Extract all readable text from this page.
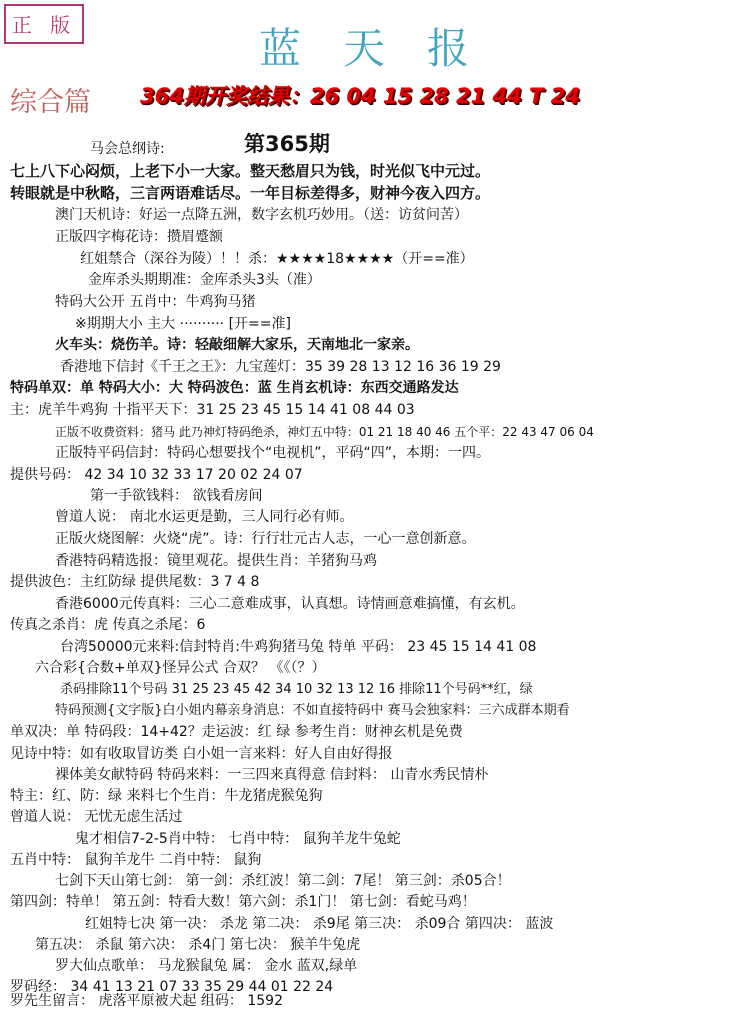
正 版	蓝天报
综合篇 364期开奖结果：26 04 15 28 21 44 T 24
第365期
马会总纲诗:
七上八下心闷烦，上老下小一大家。整天愁眉只为钱，时光似飞中元过。
转眼就是中秋略，三言两语难话尽。一年目标差得多，财神今夜入四方。
澳门天机诗：好运一点降五洲，数字玄机巧妙用。（送：访贫问苦）
正版四字梅花诗：攒眉蹙额
红姐禁合（深谷为陵）！！杀：★★★★18★★★★（开==准）
金库杀头期期准：金库杀头3头（准）
特码大公开 五肖中：牛鸡狗马猪
※期期大小 主大 ·········· [开==准]
火车头：烧伤羊。诗：轻敲细解大家乐，天南地北一家亲。
香港地下信封《千王之王》：九宝莲灯：35 39 28 13 12 16 36 19 29
特码单双：单 特码大小：大 特码波色：蓝 生肖玄机诗：东西交通路发达
主：虎羊牛鸡狗 十指平天下：31 25 23 45 15 14 41 08 44 03
正版不收费资料：猪马 此乃神灯特码绝杀，神灯五中特：01 21 18 40 46 五个平：22 43 47 06 04
正版特平码信封：特码心想要找个“电视机”，平码“四”，本期：一四。
提供号码： 42 34 10 32 33 17 20 02 24 07
第一手欲钱料： 欲钱看房间
曾道人说： 南北水运更是勤，三人同行必有师。
正版火烧图解：火烧“虎”。诗：行行壮元古人志，一心一意创新意。
香港特码精选报：镜里观花。提供生肖：羊猪狗马鸡
提供波色：主红防绿 提供尾数：3 7 4 8
香港6000元传真料：三心二意难成事，认真想。诗情画意难搞懂，有玄机。
传真之杀肖：虎 传真之杀尾：6
台湾50000元来料:信封特肖:牛鸡狗猪马兔 特单 平码： 23 45 15 14 41 08
六合彩{合数+单双}怪异公式 合双？ 《《（？）
杀码排除11个号码 31 25 23 45 42 34 10 32 13 12 16 排除11个号码**红，绿
特码预测{文字版}白小姐内幕亲身消息：不如直接特码中 赛马会独家料：三六成群本期看
单双决：单 特码段：14+42？走运波：红 绿 参考生肖：财神玄机是免费
见诗中特：如有收取冒访类 白小姐一言来料：好人自由好得报
裸体美女献特码 特码来料：一三四来真得意 信封料： 山青水秀民情朴
特主：红、防：绿 来料七个生肖：牛龙猪虎猴兔狗
曾道人说： 无忧无虑生活过
鬼才相信7-2-5肖中特： 七肖中特： 鼠狗羊龙牛兔蛇
五肖中特： 鼠狗羊龙牛 二肖中特： 鼠狗
七剑下天山第七剑： 第一剑：杀红波！第二剑：7尾！ 第三剑：杀05合！
第四剑：特单！ 第五剑：特看大数！第六剑：杀1门！ 第七剑：看蛇马鸡！
红姐特七决 第一决： 杀龙 第二决： 杀9尾 第三决： 杀09合 第四决： 蓝波
第五决： 杀鼠 第六决： 杀4门 第七决： 猴羊牛兔虎
罗大仙点歌单： 马龙猴鼠兔 属： 金水 蓝双,绿单
罗码经： 34 41 13 21 07 33 35 29 44 01 22 24
罗先生留言： 虎落平原被犬起 组码： 1592
